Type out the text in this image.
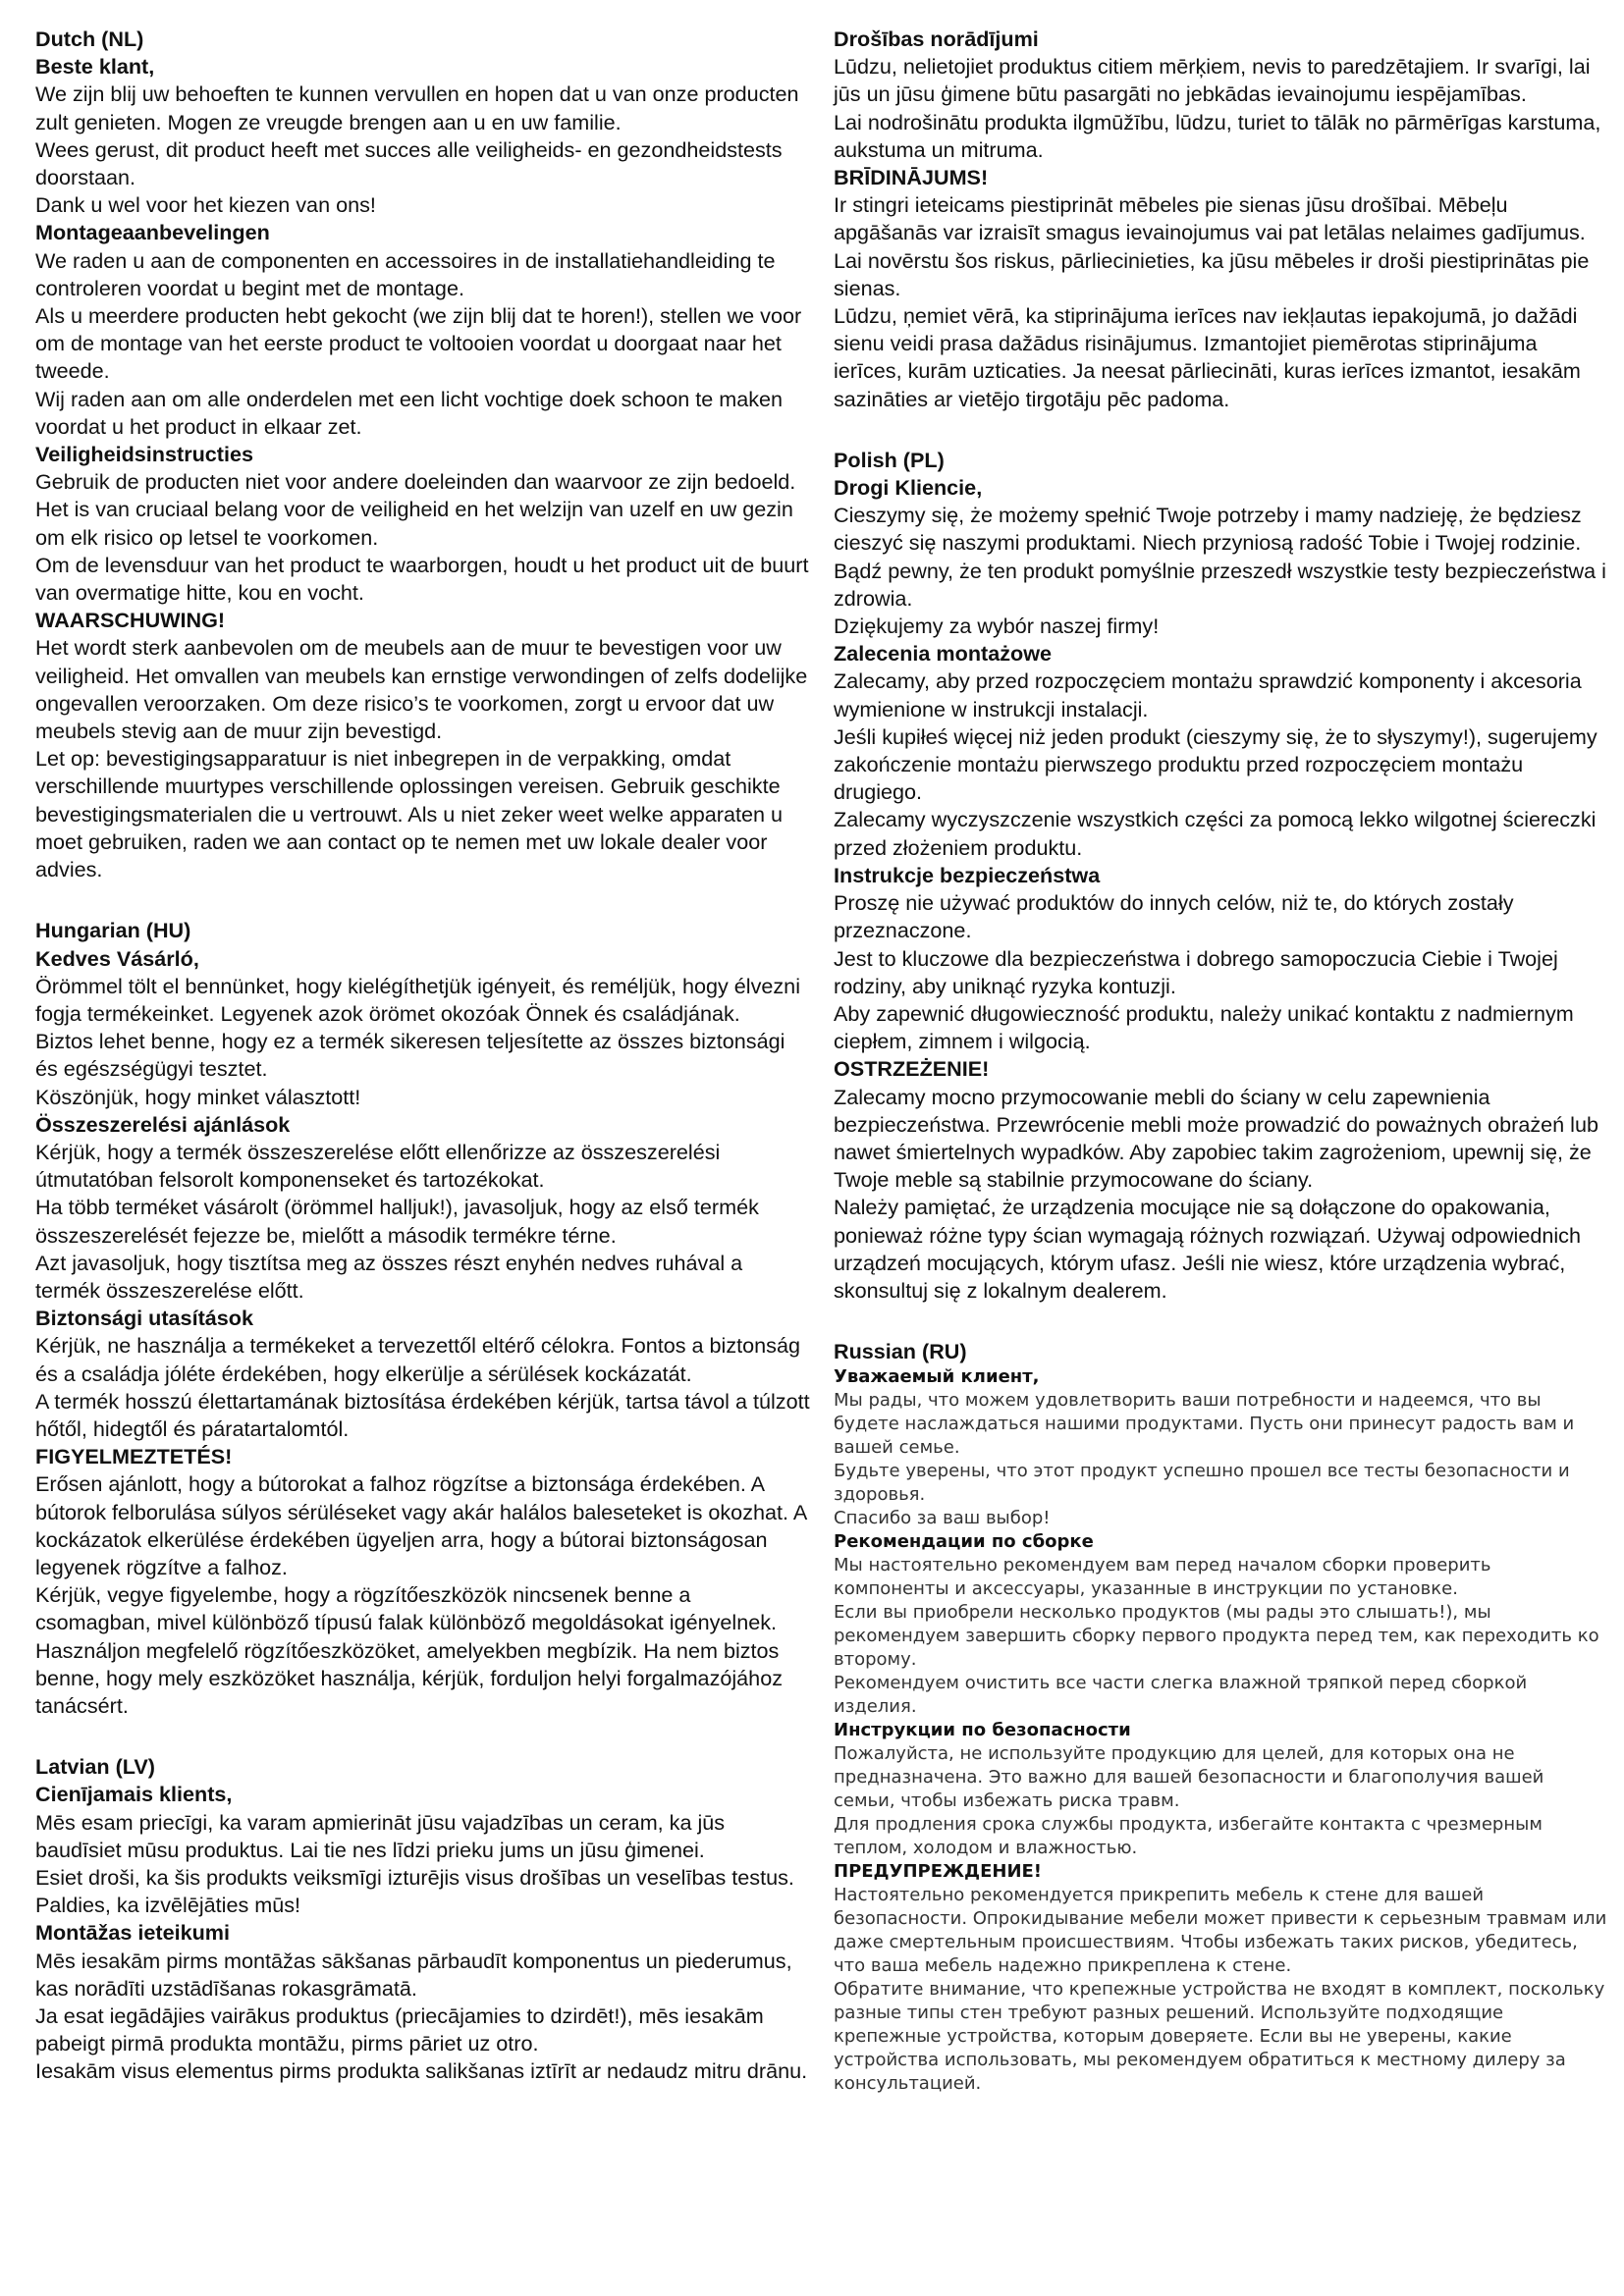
Dutch (NL)
Beste klant,

We zijn blij uw behoeften te kunnen vervullen en hopen dat u van onze producten zult genieten. Mogen ze vreugde brengen aan u en uw familie.

Wees gerust, dit product heeft met succes alle veiligheids- en gezondheidstests doorstaan.

Dank u wel voor het kiezen van ons!

Montageaanbevelingen

We raden u aan de componenten en accessoires in de installatiehandleiding te controleren voordat u begint met de montage.

Als u meerdere producten hebt gekocht (we zijn blij dat te horen!), stellen we voor om de montage van het eerste product te voltooien voordat u doorgaat naar het tweede.

Wij raden aan om alle onderdelen met een licht vochtige doek schoon te maken voordat u het product in elkaar zet.

Veiligheidsinstructies

Gebruik de producten niet voor andere doeleinden dan waarvoor ze zijn bedoeld.

Het is van cruciaal belang voor de veiligheid en het welzijn van uzelf en uw gezin om elk risico op letsel te voorkomen.

Om de levensduur van het product te waarborgen, houdt u het product uit de buurt van overmatige hitte, kou en vocht.

WAARSCHUWING!

Het wordt sterk aanbevolen om de meubels aan de muur te bevestigen voor uw veiligheid. Het omvallen van meubels kan ernstige verwondingen of zelfs dodelijke ongevallen veroorzaken. Om deze risico’s te voorkomen, zorgt u ervoor dat uw meubels stevig aan de muur zijn bevestigd.

Let op: bevestigingsapparatuur is niet inbegrepen in de verpakking, omdat verschillende muurtypes verschillende oplossingen vereisen. Gebruik geschikte bevestigingsmaterialen die u vertrouwt. Als u niet zeker weet welke apparaten u moet gebruiken, raden we aan contact op te nemen met uw lokale dealer voor advies.

Hungarian (HU)
Kedves Vásárló,

Örömmel tölt el bennünket, hogy kielégíthetjük igényeit, és reméljük, hogy élvezni fogja termékeinket. Legyenek azok örömet okozóak Önnek és családjának.

Biztos lehet benne, hogy ez a termék sikeresen teljesítette az összes biztonsági és egészségügyi tesztet.

Köszönjük, hogy minket választott!

Összeszerelési ajánlások

Kérjük, hogy a termék összeszerelése előtt ellenőrizze az összeszerelési útmutatóban felsorolt komponenseket és tartozékokat.

Ha több terméket vásárolt (örömmel halljuk!), javasoljuk, hogy az első termék összeszerelését fejezze be, mielőtt a második termékre térne.

Azt javasoljuk, hogy tisztítsa meg az összes részt enyhén nedves ruhával a termék összeszerelése előtt.

Biztonsági utasítások

Kérjük, ne használja a termékeket a tervezettől eltérő célokra. Fontos a biztonság és a családja jóléte érdekében, hogy elkerülje a sérülések kockázatát.

A termék hosszú élettartamának biztosítása érdekében kérjük, tartsa távol a túlzott hőtől, hidegtől és páratartalomtól.

FIGYELMEZTETÉS!

Erősen ajánlott, hogy a bútorokat a falhoz rögzítse a biztonsága érdekében. A bútorok felborulása súlyos sérüléseket vagy akár halálos baleseteket is okozhat. A kockázatok elkerülése érdekében ügyeljen arra, hogy a bútorai biztonságosan legyenek rögzítve a falhoz.

Kérjük, vegye figyelembe, hogy a rögzítőeszközök nincsenek benne a csomagban, mivel különböző típusú falak különböző megoldásokat igényelnek. Használjon megfelelő rögzítőeszközöket, amelyekben megbízik. Ha nem biztos benne, hogy mely eszközöket használja, kérjük, forduljon helyi forgalmazójához tanácsért.

Latvian (LV)
Cienījamais klients,

Mēs esam priecīgi, ka varam apmierināt jūsu vajadzības un ceram, ka jūs baudīsiet mūsu produktus. Lai tie nes līdzi prieku jums un jūsu ģimenei.

Esiet droši, ka šis produkts veiksmīgi izturējis visus drošības un veselības testus.

Paldies, ka izvēlējāties mūs!

Montāžas ieteikumi

Mēs iesakām pirms montāžas sākšanas pārbaudīt komponentus un piederumus, kas norādīti uzstādīšanas rokasgrāmatā.

Ja esat iegādājies vairākus produktus (priecājamies to dzirdēt!), mēs iesakām pabeigt pirmā produkta montāžu, pirms pāriet uz otro.

Iesakām visus elementus pirms produkta salikšanas iztīrīt ar nedaudz mitru drānu.

Drošības norādījumi

Lūdzu, nelietojiet produktus citiem mērķiem, nevis to paredzētajiem. Ir svarīgi, lai jūs un jūsu ģimene būtu pasargāti no jebkādas ievainojumu iespējamības.

Lai nodrošinātu produkta ilgmūžību, lūdzu, turiet to tālāk no pārmērīgas karstuma, aukstuma un mitruma.

BRĪDINĀJUMS!

Ir stingri ieteicams piestiprināt mēbeles pie sienas jūsu drošībai. Mēbeļu apgāšanās var izraisīt smagus ievainojumus vai pat letālas nelaimes gadījumus. Lai novērstu šos riskus, pārliecinieties, ka jūsu mēbeles ir droši piestiprinātas pie sienas.

Lūdzu, ņemiet vērā, ka stiprinājuma ierīces nav iekļautas iepakojumā, jo dažādi sienu veidi prasa dažādus risinājumus. Izmantojiet piemērotas stiprinājuma ierīces, kurām uzticaties. Ja neesat pārliecināti, kuras ierīces izmantot, iesakām sazināties ar vietējo tirgotāju pēc padoma.

Polish (PL)
Drogi Kliencie,

Cieszymy się, że możemy spełnić Twoje potrzeby i mamy nadzieję, że będziesz cieszyć się naszymi produktami. Niech przyniosą radość Tobie i Twojej rodzinie.

Bądź pewny, że ten produkt pomyślnie przeszedł wszystkie testy bezpieczeństwa i zdrowia.

Dziękujemy za wybór naszej firmy!

Zalecenia montażowe

Zalecamy, aby przed rozpoczęciem montażu sprawdzić komponenty i akcesoria wymienione w instrukcji instalacji.

Jeśli kupiłeś więcej niż jeden produkt (cieszymy się, że to słyszymy!), sugerujemy zakończenie montażu pierwszego produktu przed rozpoczęciem montażu drugiego.

Zalecamy wyczyszczenie wszystkich części za pomocą lekko wilgotnej ściereczki przed złożeniem produktu.

Instrukcje bezpieczeństwa

Proszę nie używać produktów do innych celów, niż te, do których zostały przeznaczone.

Jest to kluczowe dla bezpieczeństwa i dobrego samopoczucia Ciebie i Twojej rodziny, aby uniknąć ryzyka kontuzji.

Aby zapewnić długowieczność produktu, należy unikać kontaktu z nadmiernym ciepłem, zimnem i wilgocią.

OSTRZEŻENIE!

Zalecamy mocno przymocowanie mebli do ściany w celu zapewnienia bezpieczeństwa. Przewrócenie mebli może prowadzić do poważnych obrażeń lub nawet śmiertelnych wypadków. Aby zapobiec takim zagrożeniom, upewnij się, że Twoje meble są stabilnie przymocowane do ściany.

Należy pamiętać, że urządzenia mocujące nie są dołączone do opakowania, ponieważ różne typy ścian wymagają różnych rozwiązań. Używaj odpowiednich urządzeń mocujących, którym ufasz. Jeśli nie wiesz, które urządzenia wybrać, skonsultuj się z lokalnym dealerem.

Russian (RU)
Уважаемый клиент,

Мы рады, что можем удовлетворить ваши потребности и надеемся, что вы будете наслаждаться нашими продуктами. Пусть они принесут радость вам и вашей семье.

Будьте уверены, что этот продукт успешно прошел все тесты безопасности и здоровья.

Спасибо за ваш выбор!

Рекомендации по сборке

Мы настоятельно рекомендуем вам перед началом сборки проверить компоненты и аксессуары, указанные в инструкции по установке.

Если вы приобрели несколько продуктов (мы рады это слышать!), мы рекомендуем завершить сборку первого продукта перед тем, как переходить ко второму.

Рекомендуем очистить все части слегка влажной тряпкой перед сборкой изделия.

Инструкции по безопасности

Пожалуйста, не используйте продукцию для целей, для которых она не предназначена. Это важно для вашей безопасности и благополучия вашей семьи, чтобы избежать риска травм.

Для продления срока службы продукта, избегайте контакта с чрезмерным теплом, холодом и влажностью.

ПРЕДУПРЕЖДЕНИЕ!

Настоятельно рекомендуется прикрепить мебель к стене для вашей безопасности. Опрокидывание мебели может привести к серьезным травмам или даже смертельным происшествиям. Чтобы избежать таких рисков, убедитесь, что ваша мебель надежно прикреплена к стене.

Обратите внимание, что крепежные устройства не входят в комплект, поскольку разные типы стен требуют разных решений. Используйте подходящие крепежные устройства, которым доверяете. Если вы не уверены, какие устройства использовать, мы рекомендуем обратиться к местному дилеру за консультацией.
